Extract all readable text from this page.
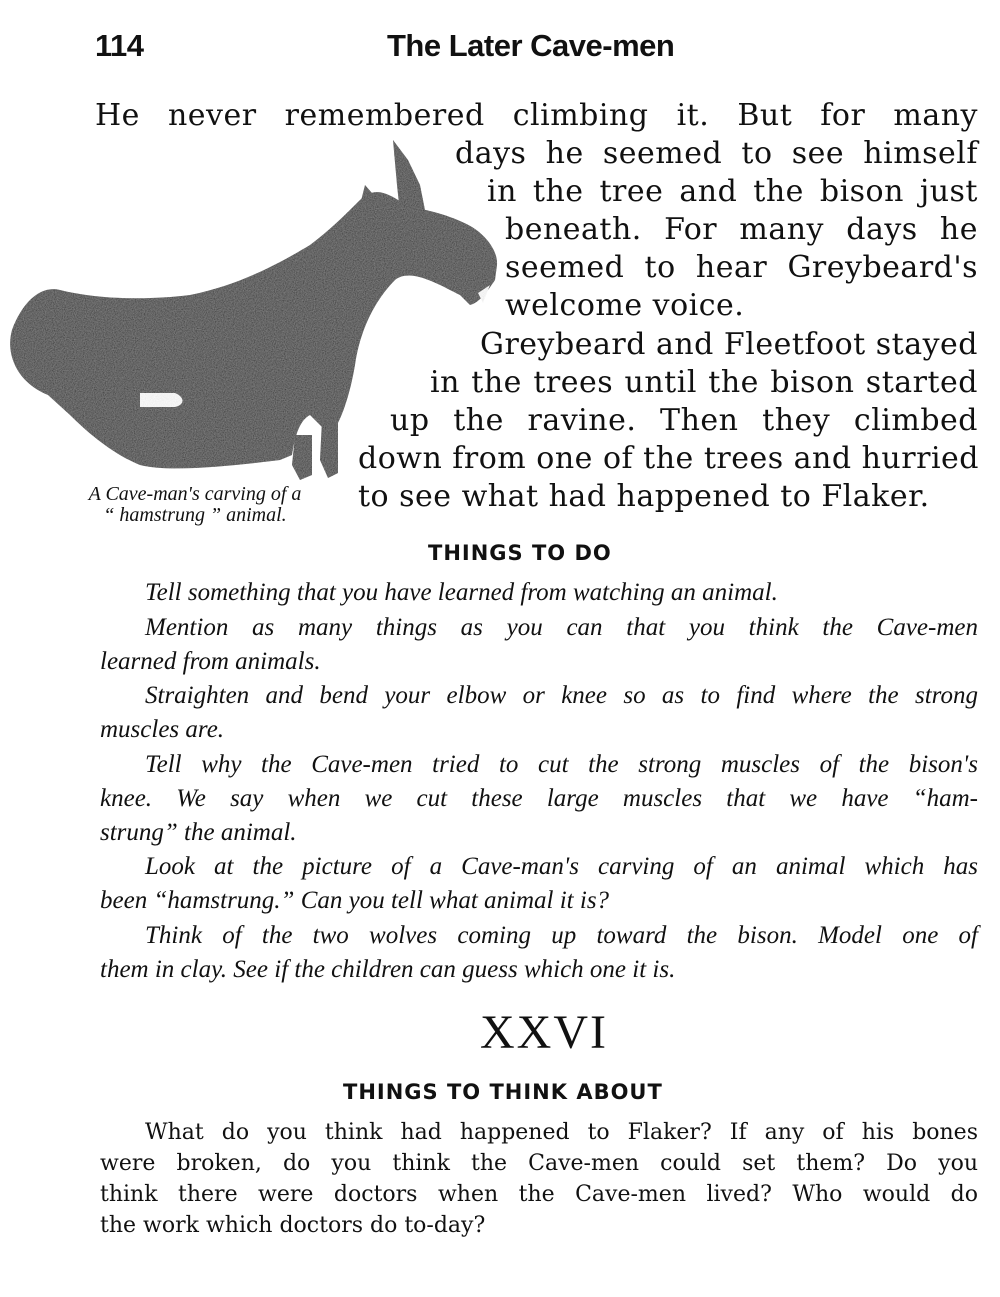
114	The Later Cave-men
He never remembered climbing it. But for many
days he seemed to see himself
in the tree and the bison just
beneath. For many days he
seemed to hear Greybeard's
welcome voice.
Greybeard and Fleetfoot stayed
in the trees until the bison started
up the ravine. Then they climbed
down from one of the trees and hurried
to see what had happened to Flaker.
A Cave-man's carving of a
“ hamstrung ” animal.
THINGS TO DO
Tell something that you have learned from watching an animal.
Mention as many things as you can that you think the Cave-men
learned from animals.
Straighten and bend your elbow or knee so as to find where the strong
muscles are.
Tell why the Cave-men tried to cut the strong muscles of the bison's
knee. We say when we cut these large muscles that we have “ham-
strung” the animal.
Look at the picture of a Cave-man's carving of an animal which has
been “hamstrung.” Can you tell what animal it is?
Think of the two wolves coming up toward the bison. Model one of
them in clay. See if the children can guess which one it is.
XXVI
THINGS TO THINK ABOUT
What do you think had happened to Flaker? If any of his bones
were broken, do you think the Cave-men could set them? Do you
think there were doctors when the Cave-men lived? Who would do
the work which doctors do to-day?
